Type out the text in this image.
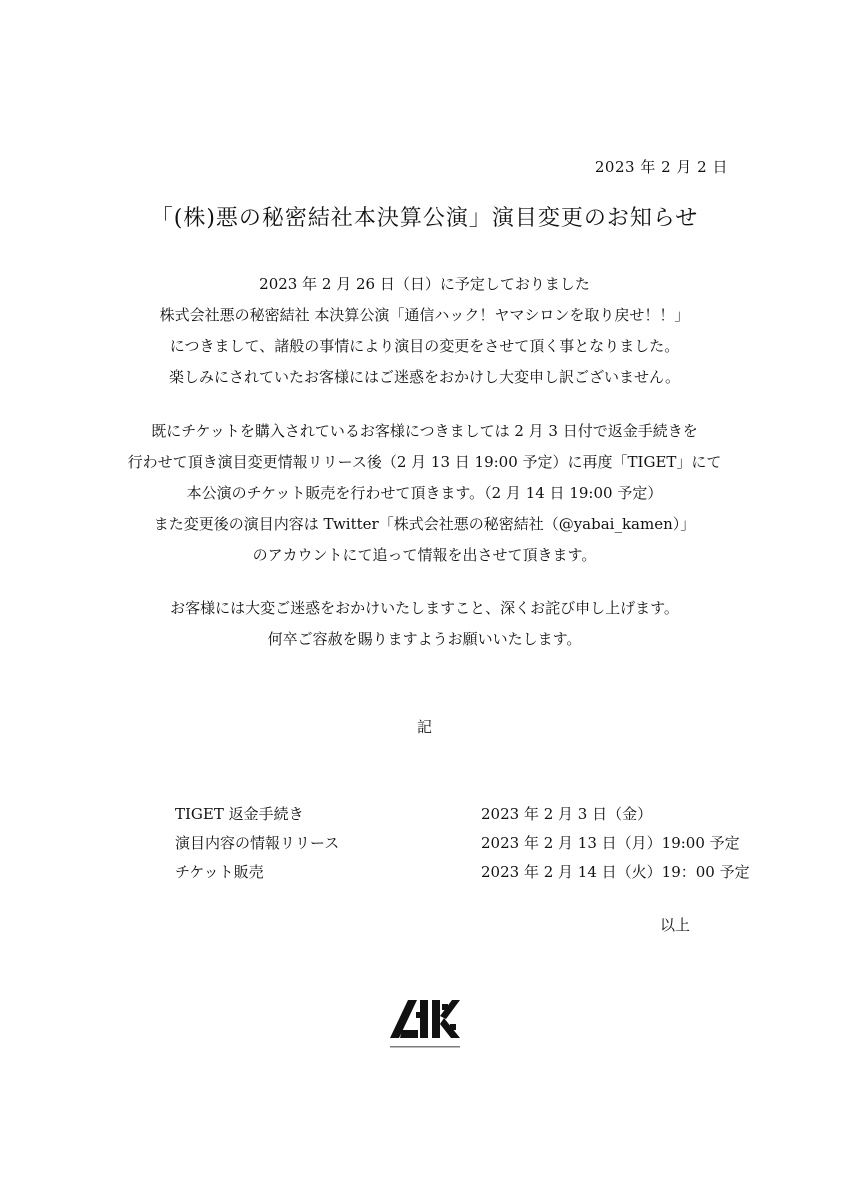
2023 年 2 月 2 日
「(株)悪の秘密結社本決算公演」演目変更のお知らせ
2023 年 2 月 26 日（日）に予定しておりました
株式会社悪の秘密結社 本決算公演「通信ハック！ヤマシロンを取り戻せ！！」
につきまして、諸般の事情により演目の変更をさせて頂く事となりました。
楽しみにされていたお客様にはご迷惑をおかけし大変申し訳ございません。
既にチケットを購入されているお客様につきましては 2 月 3 日付で返金手続きを
行わせて頂き演目変更情報リリース後（2 月 13 日 19:00 予定）に再度「TIGET」にて
本公演のチケット販売を行わせて頂きます。（2 月 14 日 19:00 予定）
また変更後の演目内容は Twitter「株式会社悪の秘密結社（@yabai_kamen）」
のアカウントにて追って情報を出させて頂きます。
お客様には大変ご迷惑をおかけいたしますこと、深くお詫び申し上げます。
何卒ご容赦を賜りますようお願いいたします。
記
TIGET 返金手続き	2023 年 2 月 3 日（金）
演目内容の情報リリース	2023 年 2 月 13 日（月）19:00 予定
チケット販売	2023 年 2 月 14 日（火）19：00 予定
以上
